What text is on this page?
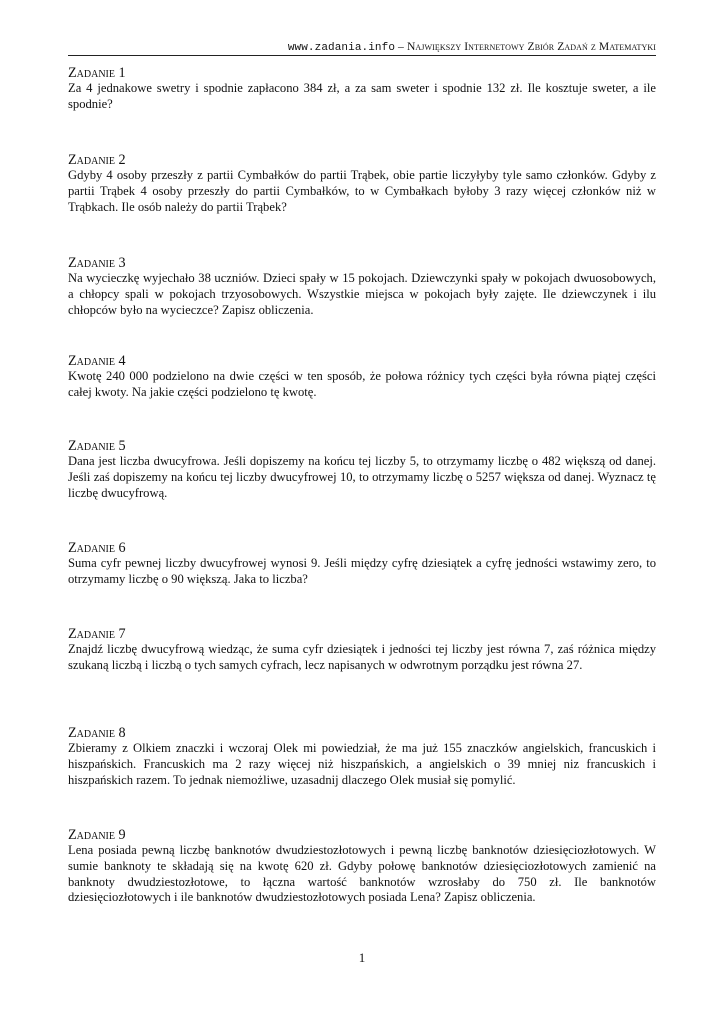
www.zadania.info – Największy Internetowy Zbiór Zadań z Matematyki

Zadanie 1

Za 4 jednakowe swetry i spodnie zapłacono 384 zł, a za sam sweter i spodnie 132 zł. Ile kosztuje sweter, a ile spodnie?

Zadanie 2

Gdyby 4 osoby przeszły z partii Cymbałków do partii Trąbek, obie partie liczyłyby tyle samo członków. Gdyby z partii Trąbek 4 osoby przeszły do partii Cymbałków, to w Cymbałkach byłoby 3 razy więcej członków niż w Trąbkach. Ile osób należy do partii Trąbek?

Zadanie 3

Na wycieczkę wyjechało 38 uczniów. Dzieci spały w 15 pokojach. Dziewczynki spały w pokojach dwuosobowych, a chłopcy spali w pokojach trzyosobowych. Wszystkie miejsca w pokojach były zajęte. Ile dziewczynek i ilu chłopców było na wycieczce? Zapisz obliczenia.

Zadanie 4

Kwotę 240 000 podzielono na dwie części w ten sposób, że połowa różnicy tych części była równa piątej części całej kwoty. Na jakie części podzielono tę kwotę.

Zadanie 5

Dana jest liczba dwucyfrowa. Jeśli dopiszemy na końcu tej liczby 5, to otrzymamy liczbę o 482 większą od danej. Jeśli zaś dopiszemy na końcu tej liczby dwucyfrowej 10, to otrzymamy liczbę o 5257 większa od danej. Wyznacz tę liczbę dwucyfrową.

Zadanie 6

Suma cyfr pewnej liczby dwucyfrowej wynosi 9. Jeśli między cyfrę dziesiątek a cyfrę jedności wstawimy zero, to otrzymamy liczbę o 90 większą. Jaka to liczba?

Zadanie 7

Znajdź liczbę dwucyfrową wiedząc, że suma cyfr dziesiątek i jedności tej liczby jest równa 7, zaś różnica między szukaną liczbą i liczbą o tych samych cyfrach, lecz napisanych w odwrotnym porządku jest równa 27.

Zadanie 8

Zbieramy z Olkiem znaczki i wczoraj Olek mi powiedział, że ma już 155 znaczków angielskich, francuskich i hiszpańskich. Francuskich ma 2 razy więcej niż hiszpańskich, a angielskich o 39 mniej niz francuskich i hiszpańskich razem. To jednak niemożliwe, uzasadnij dlaczego Olek musiał się pomylić.

Zadanie 9

Lena posiada pewną liczbę banknotów dwudziestozłotowych i pewną liczbę banknotów dziesięciozłotowych. W sumie banknoty te składają się na kwotę 620 zł. Gdyby połowę banknotów dziesięciozłotowych zamienić na banknoty dwudziestozłotowe, to łączna wartość banknotów wzrosłaby do 750 zł. Ile banknotów dziesięciozłotowych i ile banknotów dwudziestozłotowych posiada Lena? Zapisz obliczenia.

1
